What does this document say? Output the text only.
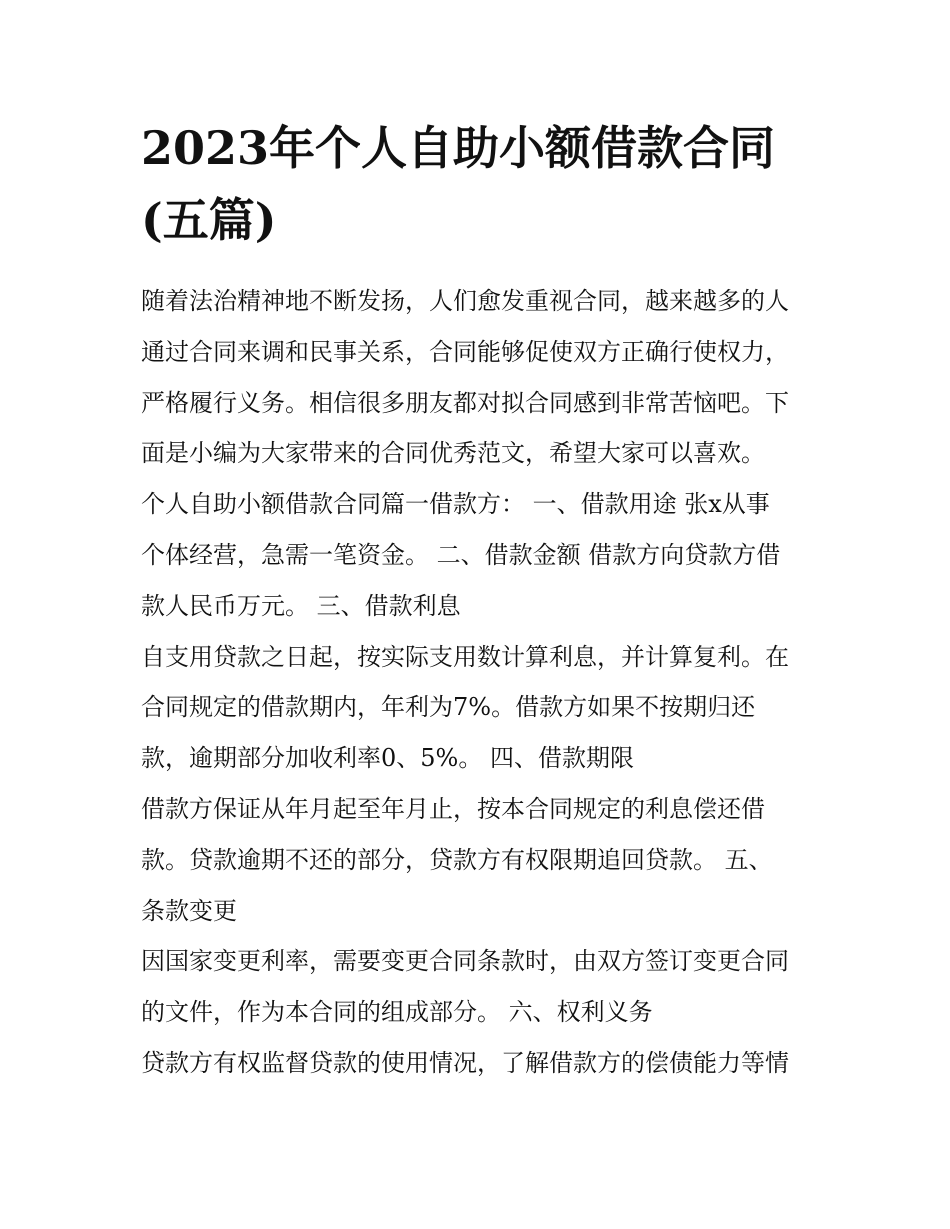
2023年个人自助小额借款合同
(五篇)
随着法治精神地不断发扬，人们愈发重视合同，越来越多的人
通过合同来调和民事关系，合同能够促使双方正确行使权力，
严格履行义务。相信很多朋友都对拟合同感到非常苦恼吧。下
面是小编为大家带来的合同优秀范文，希望大家可以喜欢。
个人自助小额借款合同篇一借款方： 一、借款用途 张x从事
个体经营，急需一笔资金。 二、借款金额 借款方向贷款方借
款人民币万元。 三、借款利息
自支用贷款之日起，按实际支用数计算利息，并计算复利。在
合同规定的借款期内，年利为7%。借款方如果不按期归还
款，逾期部分加收利率0、5%。 四、借款期限
借款方保证从年月起至年月止，按本合同规定的利息偿还借
款。贷款逾期不还的部分，贷款方有权限期追回贷款。 五、
条款变更
因国家变更利率，需要变更合同条款时，由双方签订变更合同
的文件，作为本合同的组成部分。 六、权利义务
贷款方有权监督贷款的使用情况，了解借款方的偿债能力等情
